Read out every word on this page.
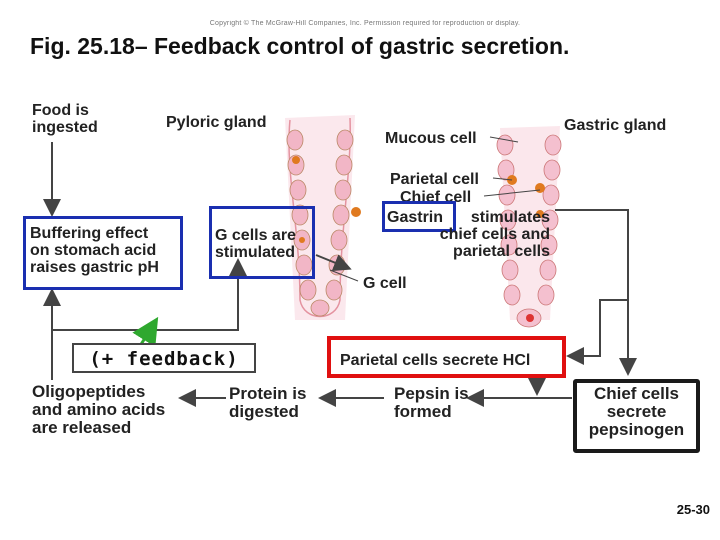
Copyright © The McGraw-Hill Companies, Inc. Permission required for reproduction or display.
Fig. 25.18– Feedback control of gastric secretion.
Food is
ingested	Pyloric gland
Mucous cell
Gastric gland
Parietal cell
Chief cell
G cell
Buffering effect
on stomach acid
raises gastric pH
G cells are
stimulated
Gastrin	stimulates
chief cells and
parietal cells
(+ feedback)	Parietal cells secrete HCl
Oligopeptides
and amino acids
are released
Protein is
digested
Pepsin is
formed
Chief cells
secrete
pepsinogen
25-30
